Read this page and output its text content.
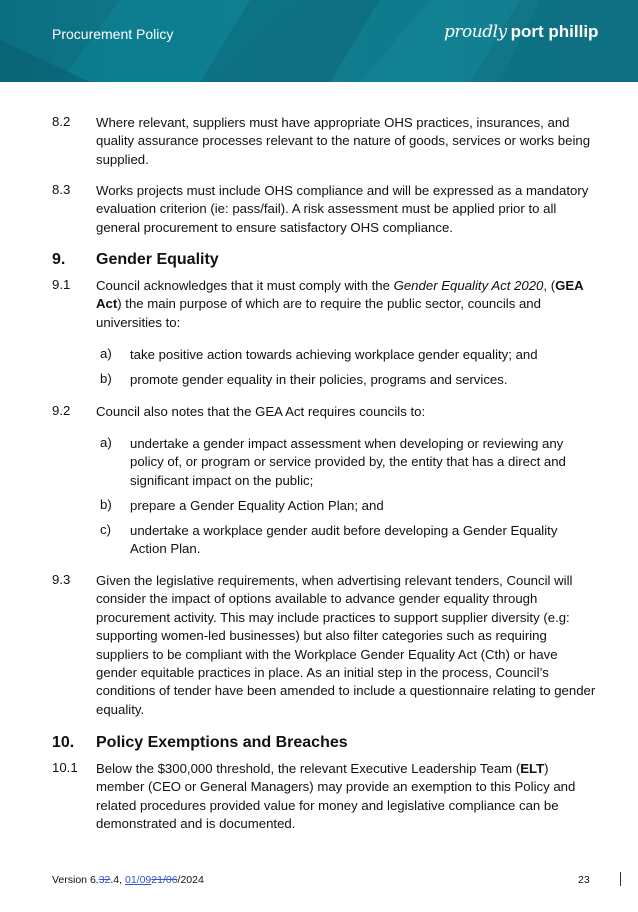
Procurement Policy	proudly port phillip
8.2 Where relevant, suppliers must have appropriate OHS practices, insurances, and quality assurance processes relevant to the nature of goods, services or works being supplied.
8.3 Works projects must include OHS compliance and will be expressed as a mandatory evaluation criterion (ie: pass/fail). A risk assessment must be applied prior to all general procurement to ensure satisfactory OHS compliance.
9. Gender Equality
9.1 Council acknowledges that it must comply with the Gender Equality Act 2020, (GEA Act) the main purpose of which are to require the public sector, councils and universities to:
a) take positive action towards achieving workplace gender equality; and
b) promote gender equality in their policies, programs and services.
9.2 Council also notes that the GEA Act requires councils to:
a) undertake a gender impact assessment when developing or reviewing any policy of, or program or service provided by, the entity that has a direct and significant impact on the public;
b) prepare a Gender Equality Action Plan; and
c) undertake a workplace gender audit before developing a Gender Equality Action Plan.
9.3 Given the legislative requirements, when advertising relevant tenders, Council will consider the impact of options available to advance gender equality through procurement activity. This may include practices to support supplier diversity (e.g: supporting women-led businesses) but also filter categories such as requiring suppliers to be compliant with the Workplace Gender Equality Act (Cth) or have gender equitable practices in place. As an initial step in the process, Council’s conditions of tender have been amended to include a questionnaire relating to gender equality.
10. Policy Exemptions and Breaches
10.1 Below the $300,000 threshold, the relevant Executive Leadership Team (ELT) member (CEO or General Managers) may provide an exemption to this Policy and related procedures provided value for money and legislative compliance can be demonstrated and is documented.
Version 6.32.4, 01/0921/06/2024	23
